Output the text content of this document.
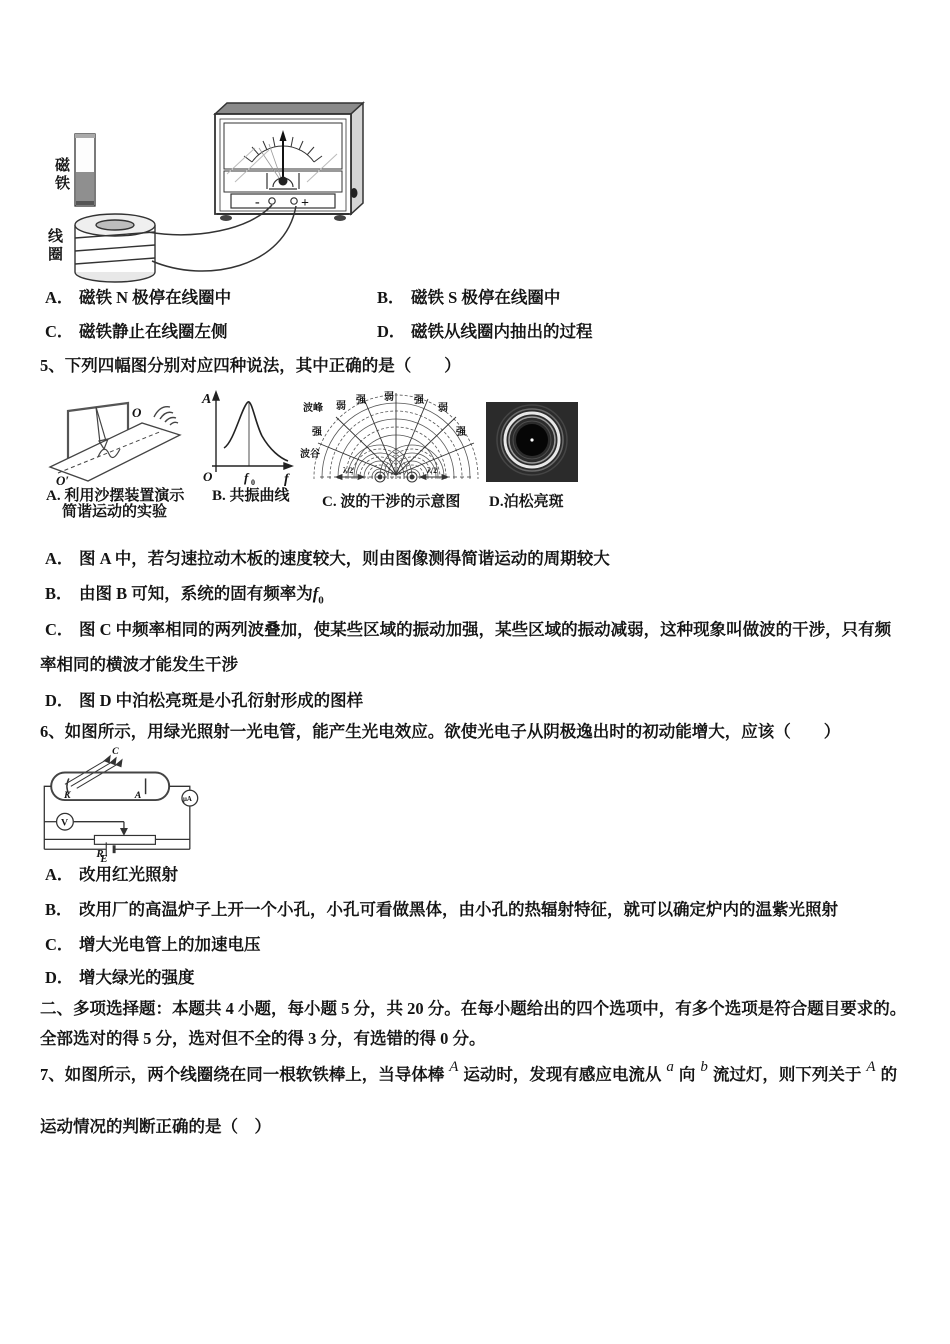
-	+
磁铁
线圈
A． 磁铁 N 极停在线圈中	B． 磁铁 S 极停在线圈中
C． 磁铁静止在线圈左侧	D． 磁铁从线圈内抽出的过程
5、下列四幅图分别对应四种说法，其中正确的是（　　）
O
O′
A. 利用沙摆装置演示
简谐运动的实验
A
O f 0 f
B. 共振曲线
λ/2	λ/2
波峰
波谷
弱
强 弱 强
弱
强	强
C. 波的干涉的示意图 D.泊松亮斑
A． 图 A 中，若匀速拉动木板的速度较大，则由图像测得简谐运动的周期较大
B． 由图 B 可知，系统的固有频率为$f_0$
C． 图 C 中频率相同的两列波叠加，使某些区域的振动加强，某些区域的振动减弱，这种现象叫做波的干涉，只有频
率相同的横波才能发生干涉
D． 图 D 中泊松亮斑是小孔衍射形成的图样
6、如图所示，用绿光照射一光电管，能产生光电效应。欲使光电子从阴极逸出时的初动能增大，应该（　　）
C
K	A	μA
V
R
E
A． 改用红光照射
B． 改用厂的高温炉子上开一个小孔，小孔可看做黑体，由小孔的热辐射特征，就可以确定炉内的温紫光照射
C． 增大光电管上的加速电压
D． 增大绿光的强度
二、多项选择题：本题共 4 小题，每小题 5 分，共 20 分。在每小题给出的四个选项中，有多个选项是符合题目要求的。
全部选对的得 5 分，选对但不全的得 3 分，有选错的得 0 分。
7、如图所示，两个线圈绕在同一根软铁棒上，当导体棒 A 运动时，发现有感应电流从 a 向 b 流过灯，则下列关于 A 的
运动情况的判断正确的是（　）
